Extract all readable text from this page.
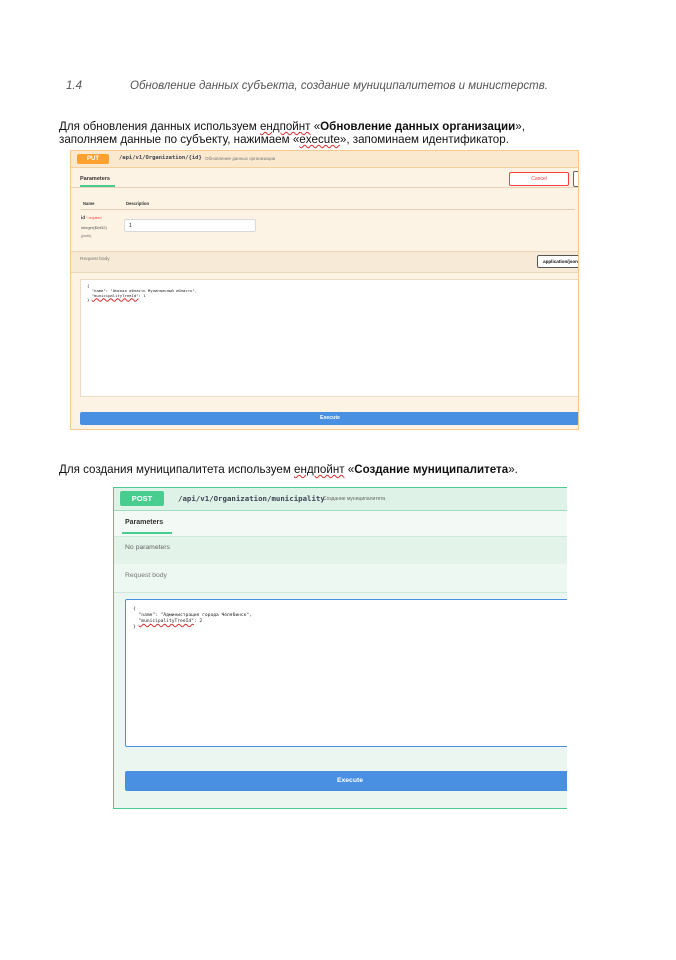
1.4	Обновление данных субъекта, создание муниципалитетов и министерств.
Для обновления данных используем ендпойнт «Обновление данных организации»,
заполняем данные по субъекту, нажимаем «execute», запоминаем идентификатор.
PUT	/api/v1/Organization/{id} Обновление данных организации
Parameters	Cancel
Name	Description
id * required
integer($int32)
(path)
1
Request body	application/json
{
"name": "Омская область Мунипальный область",
"municipalityTreeId": 1
}
Execute
Для создания муниципалитета используем ендпойнт «Создание муниципалитета».
POST	/api/v1/Organization/municipality
Создание муниципалитета
Parameters
No parameters
Request body
{
"name": "Администрация города Челябинск",
"municipalityTreeId": 2
}
Execute
